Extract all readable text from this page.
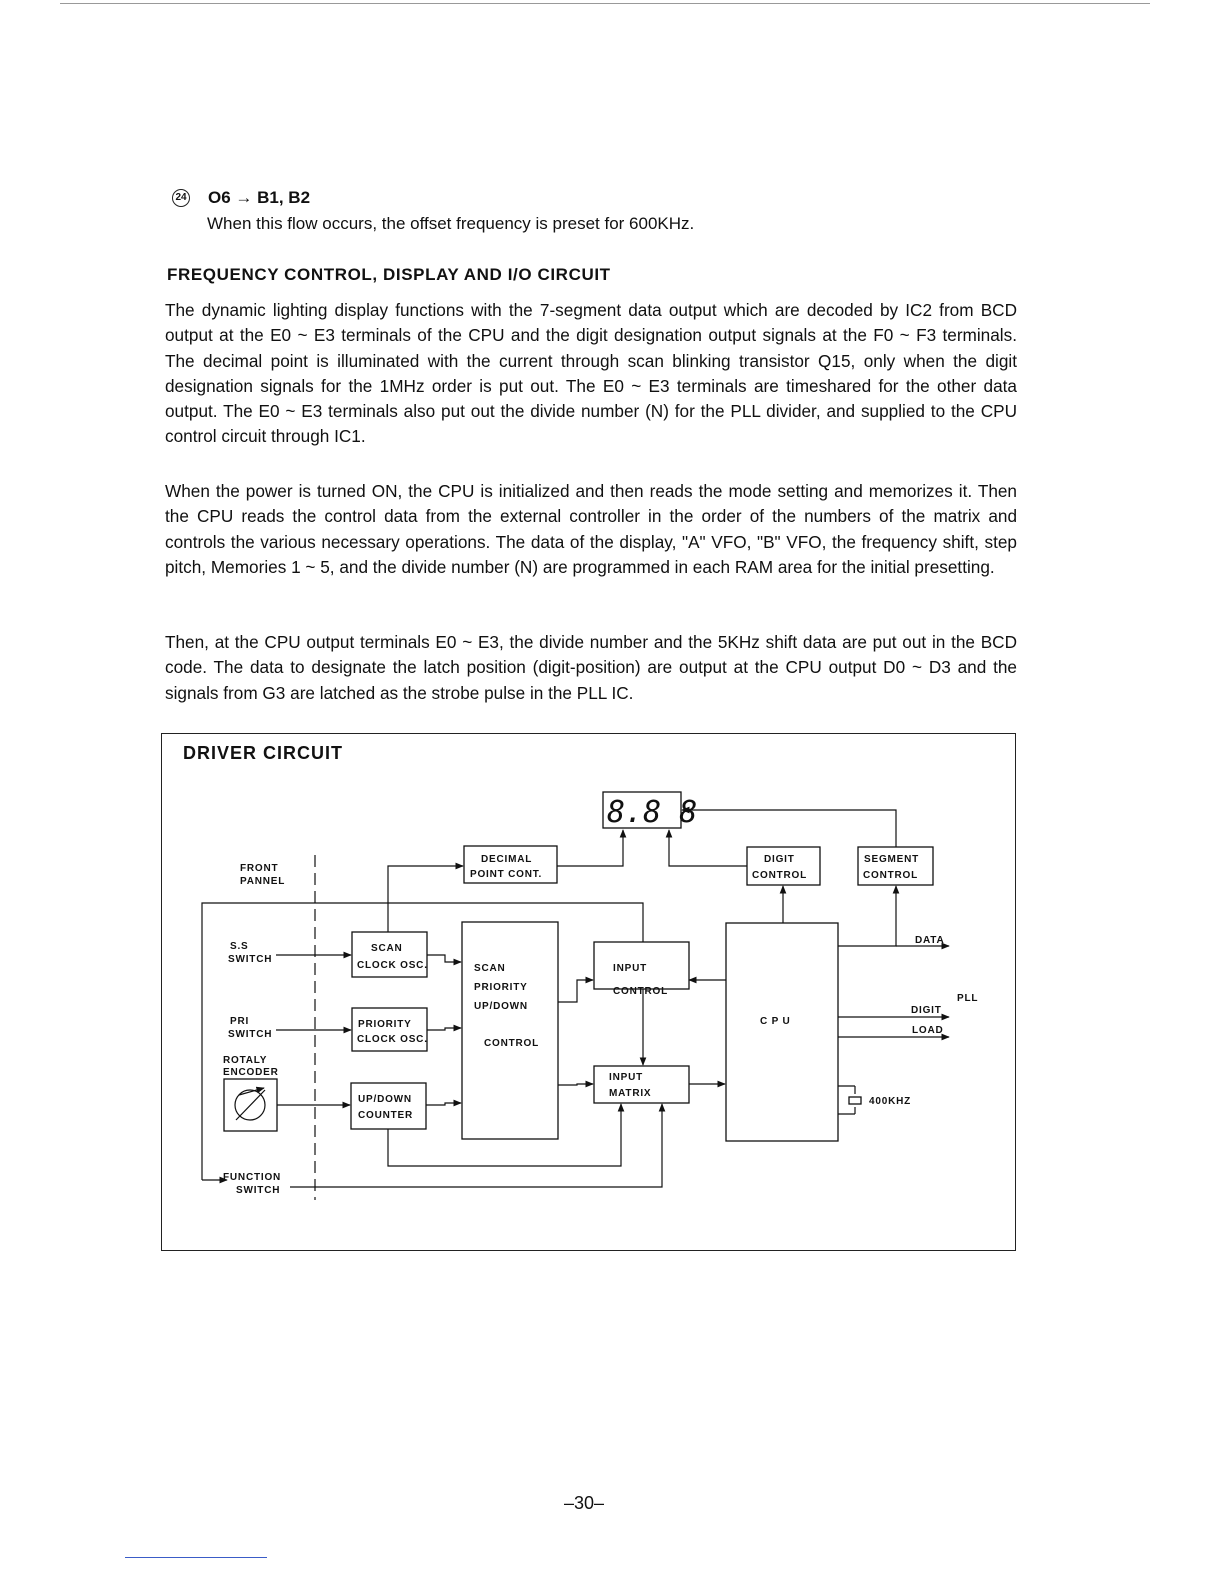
24 O6 → B1, B2
When this flow occurs, the offset frequency is preset for 600KHz.
FREQUENCY CONTROL, DISPLAY AND I/O CIRCUIT

The dynamic lighting display functions with the 7-segment data output which are decoded by IC2 from BCD output at the E0 ~ E3 terminals of the CPU and the digit designation output signals at the F0 ~ F3 terminals. The decimal point is illuminated with the current through scan blinking transistor Q15, only when the digit designation signals for the 1MHz order is put out. The E0 ~ E3 terminals are timeshared for the other data output. The E0 ~ E3 terminals also put out the divide number (N) for the PLL divider, and supplied to the CPU control circuit through IC1.

When the power is turned ON, the CPU is initialized and then reads the mode setting and memorizes it. Then the CPU reads the control data from the external controller in the order of the numbers of the matrix and controls the various necessary operations. The data of the display, "A" VFO, "B" VFO, the frequency shift, step pitch, Memories 1 ~ 5, and the divide number (N) are programmed in each RAM area for the initial presetting.

Then, at the CPU output terminals E0 ~ E3, the divide number and the 5KHz shift data are put out in the BCD code. The data to designate the latch position (digit-position) are output at the CPU output D0 ~ D3 and the signals from G3 are latched as the strobe pulse in the PLL IC.

DRIVER CIRCUIT
8.8 8
DECIMAL
POINT CONT.
DIGIT
CONTROL
SEGMENT
CONTROL
SCAN
CLOCK OSC.
PRIORITY
CLOCK OSC.
UP/DOWN
COUNTER
SCAN
PRIORITY
UP/DOWN
CONTROL
INPUT
CONTROL
INPUT
MATRIX
C P U
400KHZ
FRONT
PANNEL
S.S
SWITCH
PRI
SWITCH
ROTALY
ENCODER
FUNCTION
SWITCH
DATA
DIGIT
LOAD
PLL
–30–
